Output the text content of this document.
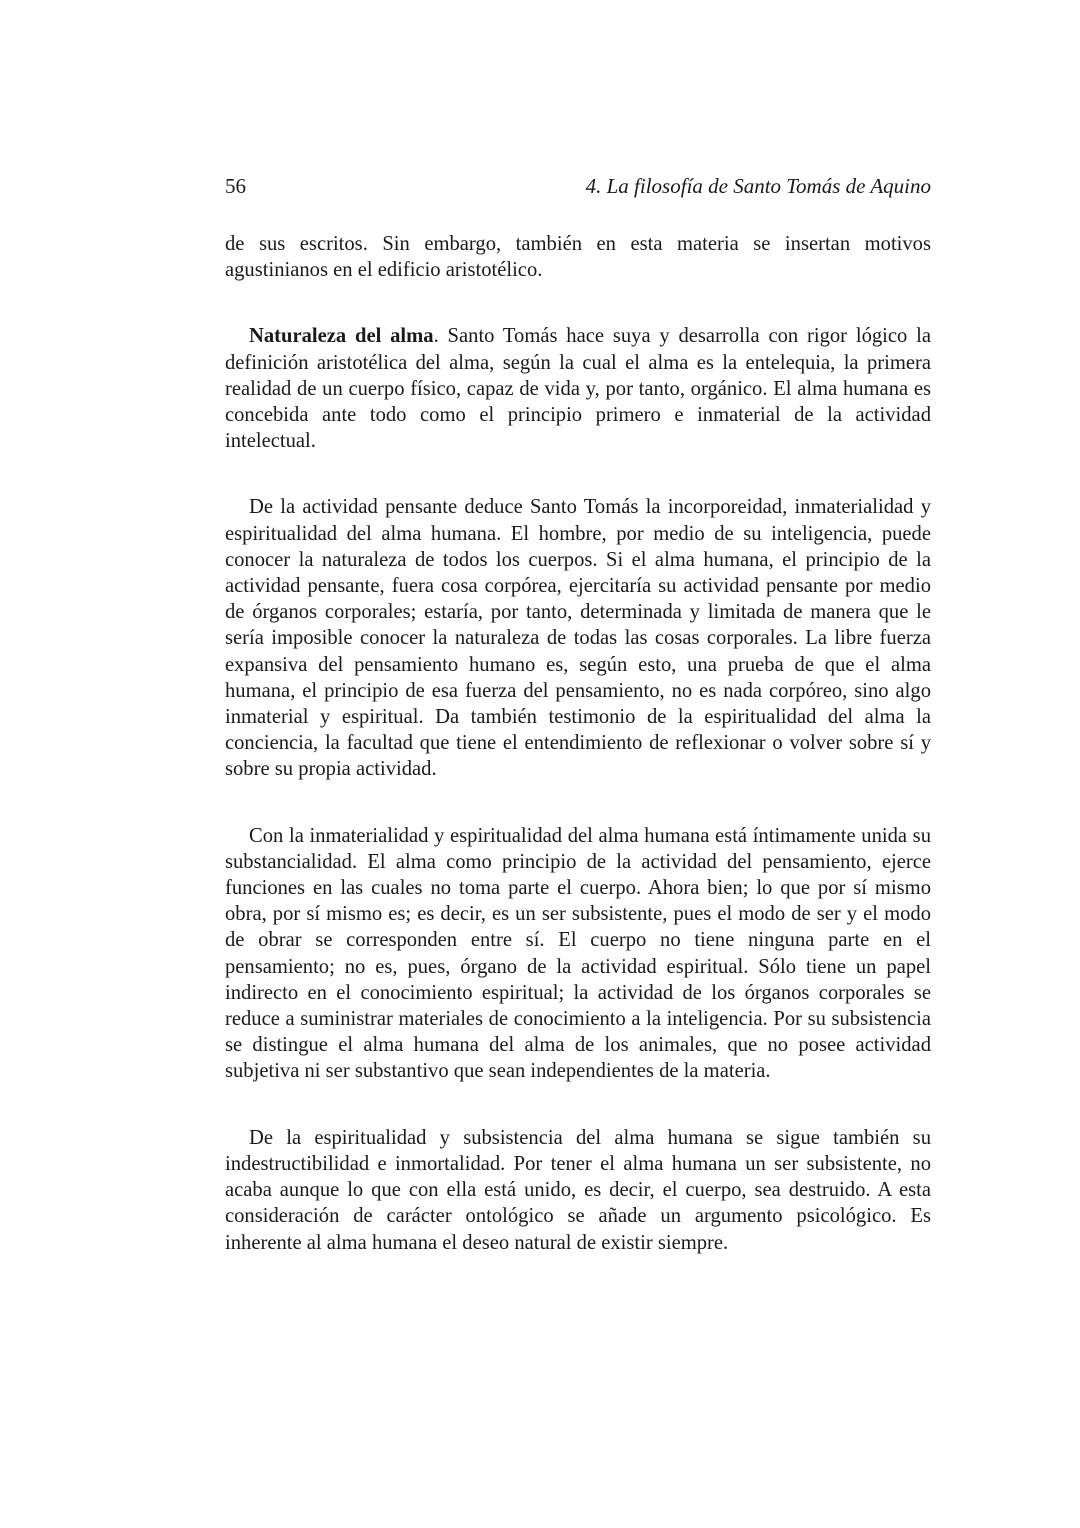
56	4. La filosofía de Santo Tomás de Aquino

de sus escritos. Sin embargo, también en esta materia se insertan motivos agustinianos en el edificio aristotélico.

Naturaleza del alma. Santo Tomás hace suya y desarrolla con rigor lógico la definición aristotélica del alma, según la cual el alma es la entelequia, la primera realidad de un cuerpo físico, capaz de vida y, por tanto, orgánico. El alma humana es concebida ante todo como el principio primero e inmaterial de la actividad intelectual.

De la actividad pensante deduce Santo Tomás la incorporeidad, inmaterialidad y espiritualidad del alma humana. El hombre, por medio de su inteligencia, puede conocer la naturaleza de todos los cuerpos. Si el alma humana, el principio de la actividad pensante, fuera cosa corpórea, ejercitaría su actividad pensante por medio de órganos corporales; estaría, por tanto, determinada y limitada de manera que le sería imposible conocer la naturaleza de todas las cosas corporales. La libre fuerza expansiva del pensamiento humano es, según esto, una prueba de que el alma humana, el principio de esa fuerza del pensamiento, no es nada corpóreo, sino algo inmaterial y espiritual. Da también testimonio de la espiritualidad del alma la conciencia, la facultad que tiene el entendimiento de reflexionar o volver sobre sí y sobre su propia actividad.

Con la inmaterialidad y espiritualidad del alma humana está íntimamente unida su substancialidad. El alma como principio de la actividad del pensamiento, ejerce funciones en las cuales no toma parte el cuerpo. Ahora bien; lo que por sí mismo obra, por sí mismo es; es decir, es un ser subsistente, pues el modo de ser y el modo de obrar se corresponden entre sí. El cuerpo no tiene ninguna parte en el pensamiento; no es, pues, órgano de la actividad espiritual. Sólo tiene un papel indirecto en el conocimiento espiritual; la actividad de los órganos corporales se reduce a suministrar materiales de conocimiento a la inteligencia. Por su subsistencia se distingue el alma humana del alma de los animales, que no posee actividad subjetiva ni ser substantivo que sean independientes de la materia.

De la espiritualidad y subsistencia del alma humana se sigue también su indestructibilidad e inmortalidad. Por tener el alma humana un ser subsistente, no acaba aunque lo que con ella está unido, es decir, el cuerpo, sea destruido. A esta consideración de carácter ontológico se añade un argumento psicológico. Es inherente al alma humana el deseo natural de existir siempre.
